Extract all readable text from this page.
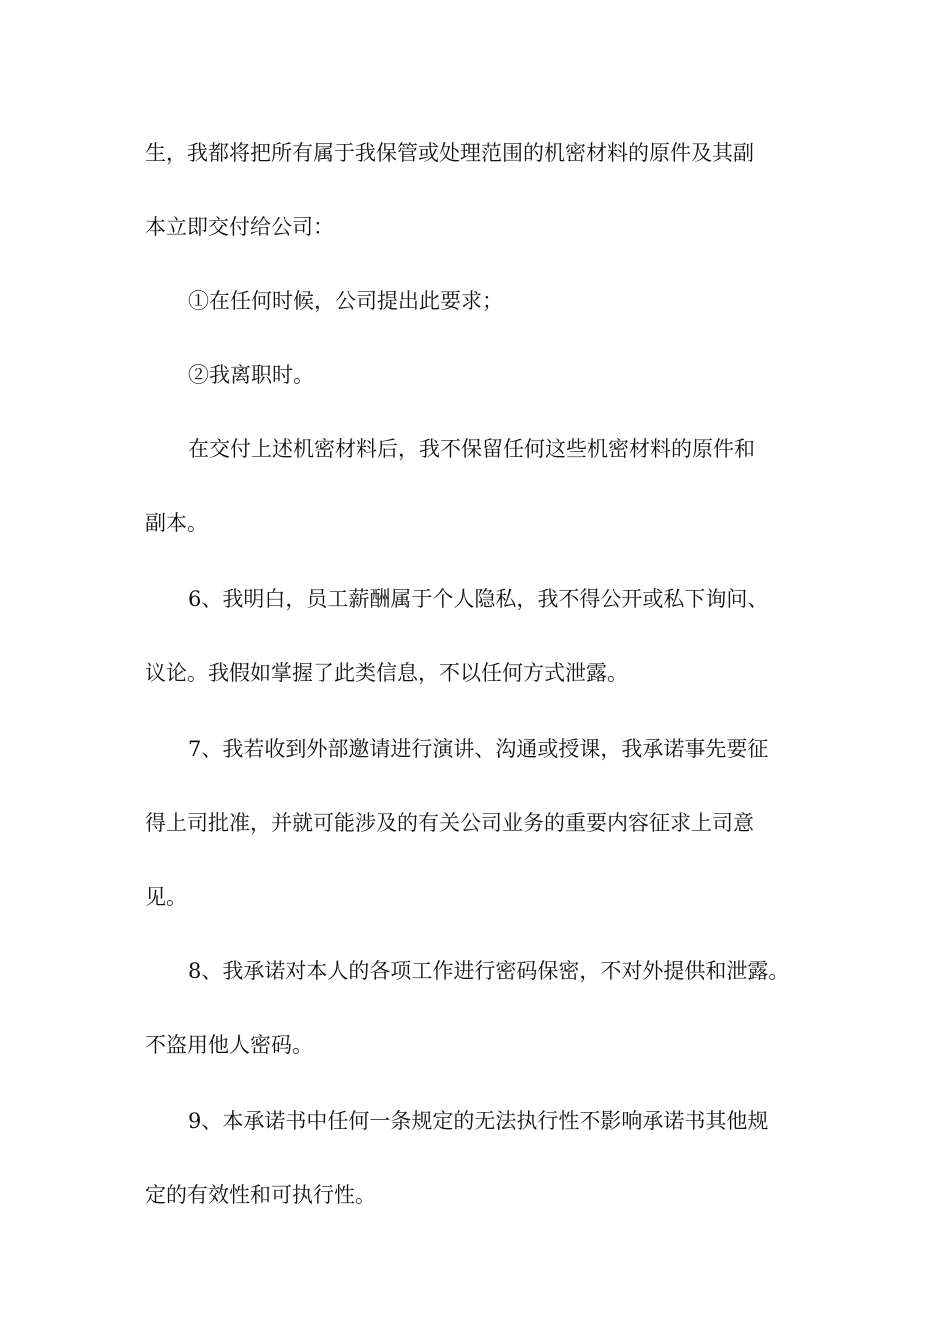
生，我都将把所有属于我保管或处理范围的机密材料的原件及其副
本立即交付给公司：
①在任何时候，公司提出此要求；
②我离职时。
在交付上述机密材料后，我不保留任何这些机密材料的原件和
副本。
6、我明白，员工薪酬属于个人隐私，我不得公开或私下询问、
议论。我假如掌握了此类信息，不以任何方式泄露。
7、我若收到外部邀请进行演讲、沟通或授课，我承诺事先要征
得上司批准，并就可能涉及的有关公司业务的重要内容征求上司意
见。
8、我承诺对本人的各项工作进行密码保密，不对外提供和泄露。
不盗用他人密码。
9、本承诺书中任何一条规定的无法执行性不影响承诺书其他规
定的有效性和可执行性。
